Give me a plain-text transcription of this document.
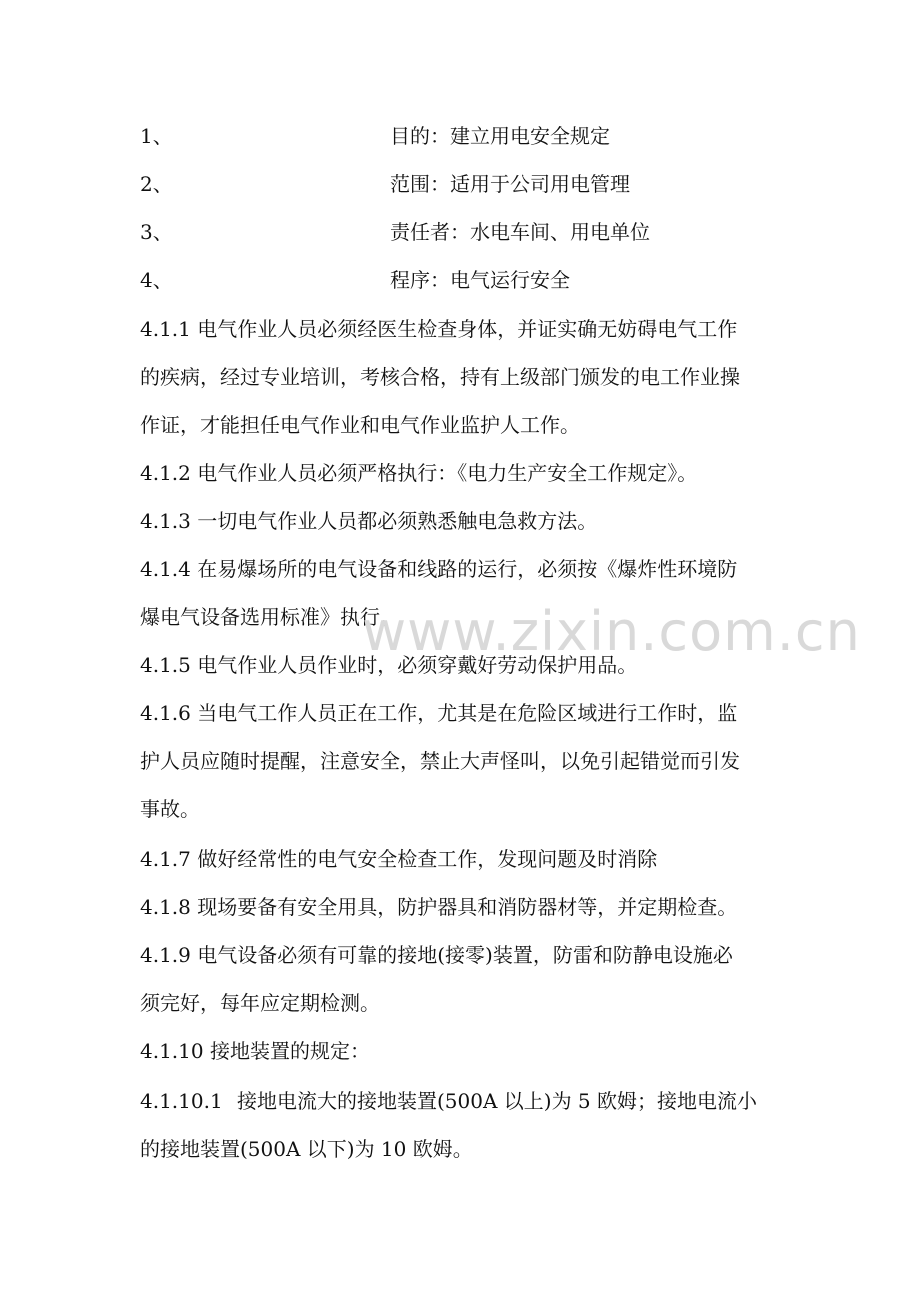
1、	目的：建立用电安全规定
2、	范围：适用于公司用电管理
3、	责任者：水电车间、用电单位
4、	程序：电气运行安全
4.1.1 电气作业人员必须经医生检查身体，并证实确无妨碍电气工作
的疾病，经过专业培训，考核合格，持有上级部门颁发的电工作业操
作证，才能担任电气作业和电气作业监护人工作。
4.1.2 电气作业人员必须严格执行：《电力生产安全工作规定》。
4.1.3 一切电气作业人员都必须熟悉触电急救方法。
4.1.4 在易爆场所的电气设备和线路的运行，必须按《爆炸性环境防
爆电气设备选用标准》执行。
4.1.5 电气作业人员作业时，必须穿戴好劳动保护用品。
4.1.6 当电气工作人员正在工作，尤其是在危险区域进行工作时，监
护人员应随时提醒，注意安全，禁止大声怪叫，以免引起错觉而引发
事故。
4.1.7 做好经常性的电气安全检查工作，发现问题及时消除
4.1.8 现场要备有安全用具，防护器具和消防器材等，并定期检查。
4.1.9 电气设备必须有可靠的接地(接零)装置，防雷和防静电设施必
须完好，每年应定期检测。
4.1.10 接地装置的规定：
4.1.10.1 接地电流大的接地装置(500A 以上)为 5 欧姆；接地电流小
的接地装置(500A 以下)为 10 欧姆。
www.zixin.com.cn
